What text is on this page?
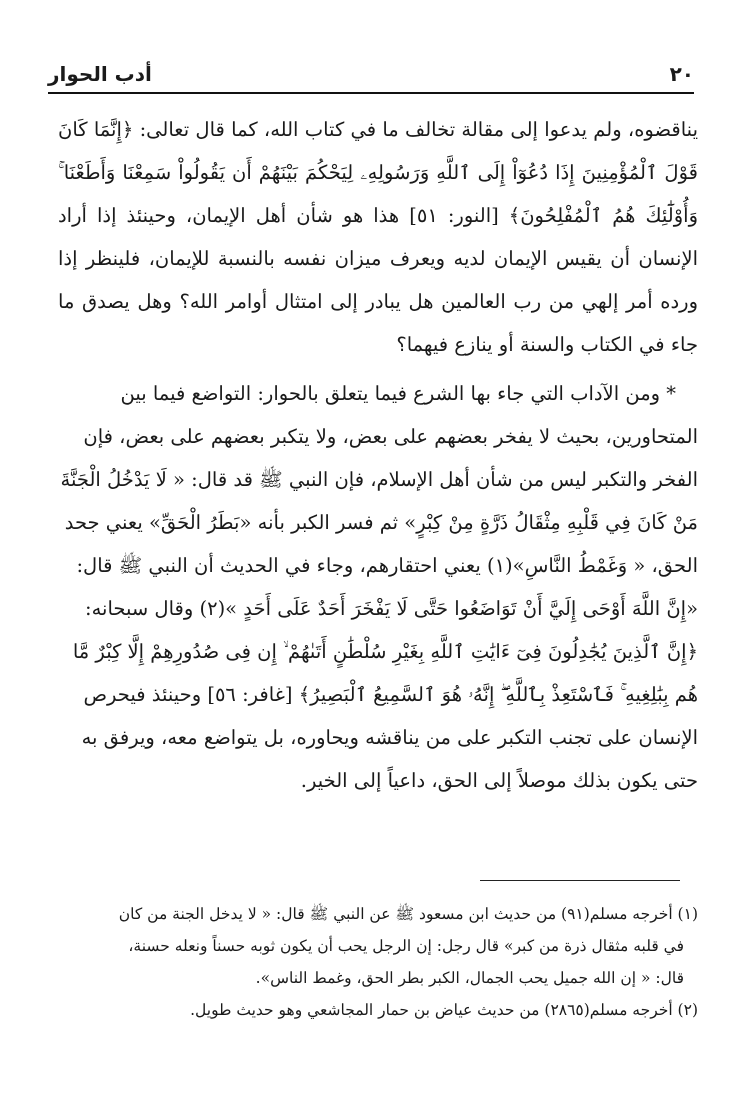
٢٠
أدب الحوار

يناقضوه، ولم يدعوا إلى مقالة تخالف ما في كتاب الله، كما قال تعالى: ﴿إِنَّمَا كَانَ قَوْلَ ٱلْمُؤْمِنِينَ إِذَا دُعُوٓاْ إِلَى ٱللَّهِ وَرَسُولِهِۦ لِيَحْكُمَ بَيْنَهُمْ أَن يَقُولُواْ سَمِعْنَا وَأَطَعْنَا ۚ وَأُوْلَٰٓئِكَ هُمُ ٱلْمُفْلِحُونَ﴾ [النور: ٥١] هذا هو شأن أهل الإيمان، وحينئذ إذا أراد الإنسان أن يقيس الإيمان لديه ويعرف ميزان نفسه بالنسبة للإيمان، فلينظر إذا ورده أمر إلهي من رب العالمين هل يبادر إلى امتثال أوامر الله؟ وهل يصدق ما جاء في الكتاب والسنة أو ينازع فيهما؟

* ومن الآداب التي جاء بها الشرع فيما يتعلق بالحوار: التواضع فيما بين المتحاورين، بحيث لا يفخر بعضهم على بعض، ولا يتكبر بعضهم على بعض، فإن الفخر والتكبر ليس من شأن أهل الإسلام، فإن النبي ﷺ قد قال: « لَا يَدْخُلُ الْجَنَّةَ مَنْ كَانَ فِي قَلْبِهِ مِثْقَالُ ذَرَّةٍ مِنْ كِبْرٍ» ثم فسر الكبر بأنه «بَطَرُ الْحَقِّ» يعني جحد الحق، « وَغَمْطُ النَّاسِ»(١) يعني احتقارهم، وجاء في الحديث أن النبي ﷺ قال: «إِنَّ اللَّهَ أَوْحَى إِلَيَّ أَنْ تَوَاضَعُوا حَتَّى لَا يَفْخَرَ أَحَدٌ عَلَى أَحَدٍ »(٢) وقال سبحانه: ﴿إِنَّ ٱلَّذِينَ يُجَٰدِلُونَ فِىٓ ءَايَٰتِ ٱللَّهِ بِغَيْرِ سُلْطَٰنٍ أَتَىٰهُمْ ۙ إِن فِى صُدُورِهِمْ إِلَّا كِبْرٌ مَّا هُم بِبَٰلِغِيهِ ۚ فَٱسْتَعِذْ بِٱللَّهِ ۖ إِنَّهُۥ هُوَ ٱلسَّمِيعُ ٱلْبَصِيرُ﴾ [غافر: ٥٦] وحينئذ فيحرص الإنسان على تجنب التكبر على من يناقشه ويحاوره، بل يتواضع معه، ويرفق به حتى يكون بذلك موصلاً إلى الحق، داعياً إلى الخير.

(١) أخرجه مسلم(٩١) من حديث ابن مسعود ﷺ عن النبي ﷺ قال: « لا يدخل الجنة من كان

في قلبه مثقال ذرة من كبر» قال رجل: إن الرجل يحب أن يكون ثوبه حسناً ونعله حسنة،

قال: « إن الله جميل يحب الجمال، الكبر بطر الحق، وغمط الناس».

(٢) أخرجه مسلم(٢٨٦٥) من حديث عياض بن حمار المجاشعي وهو حديث طويل.
